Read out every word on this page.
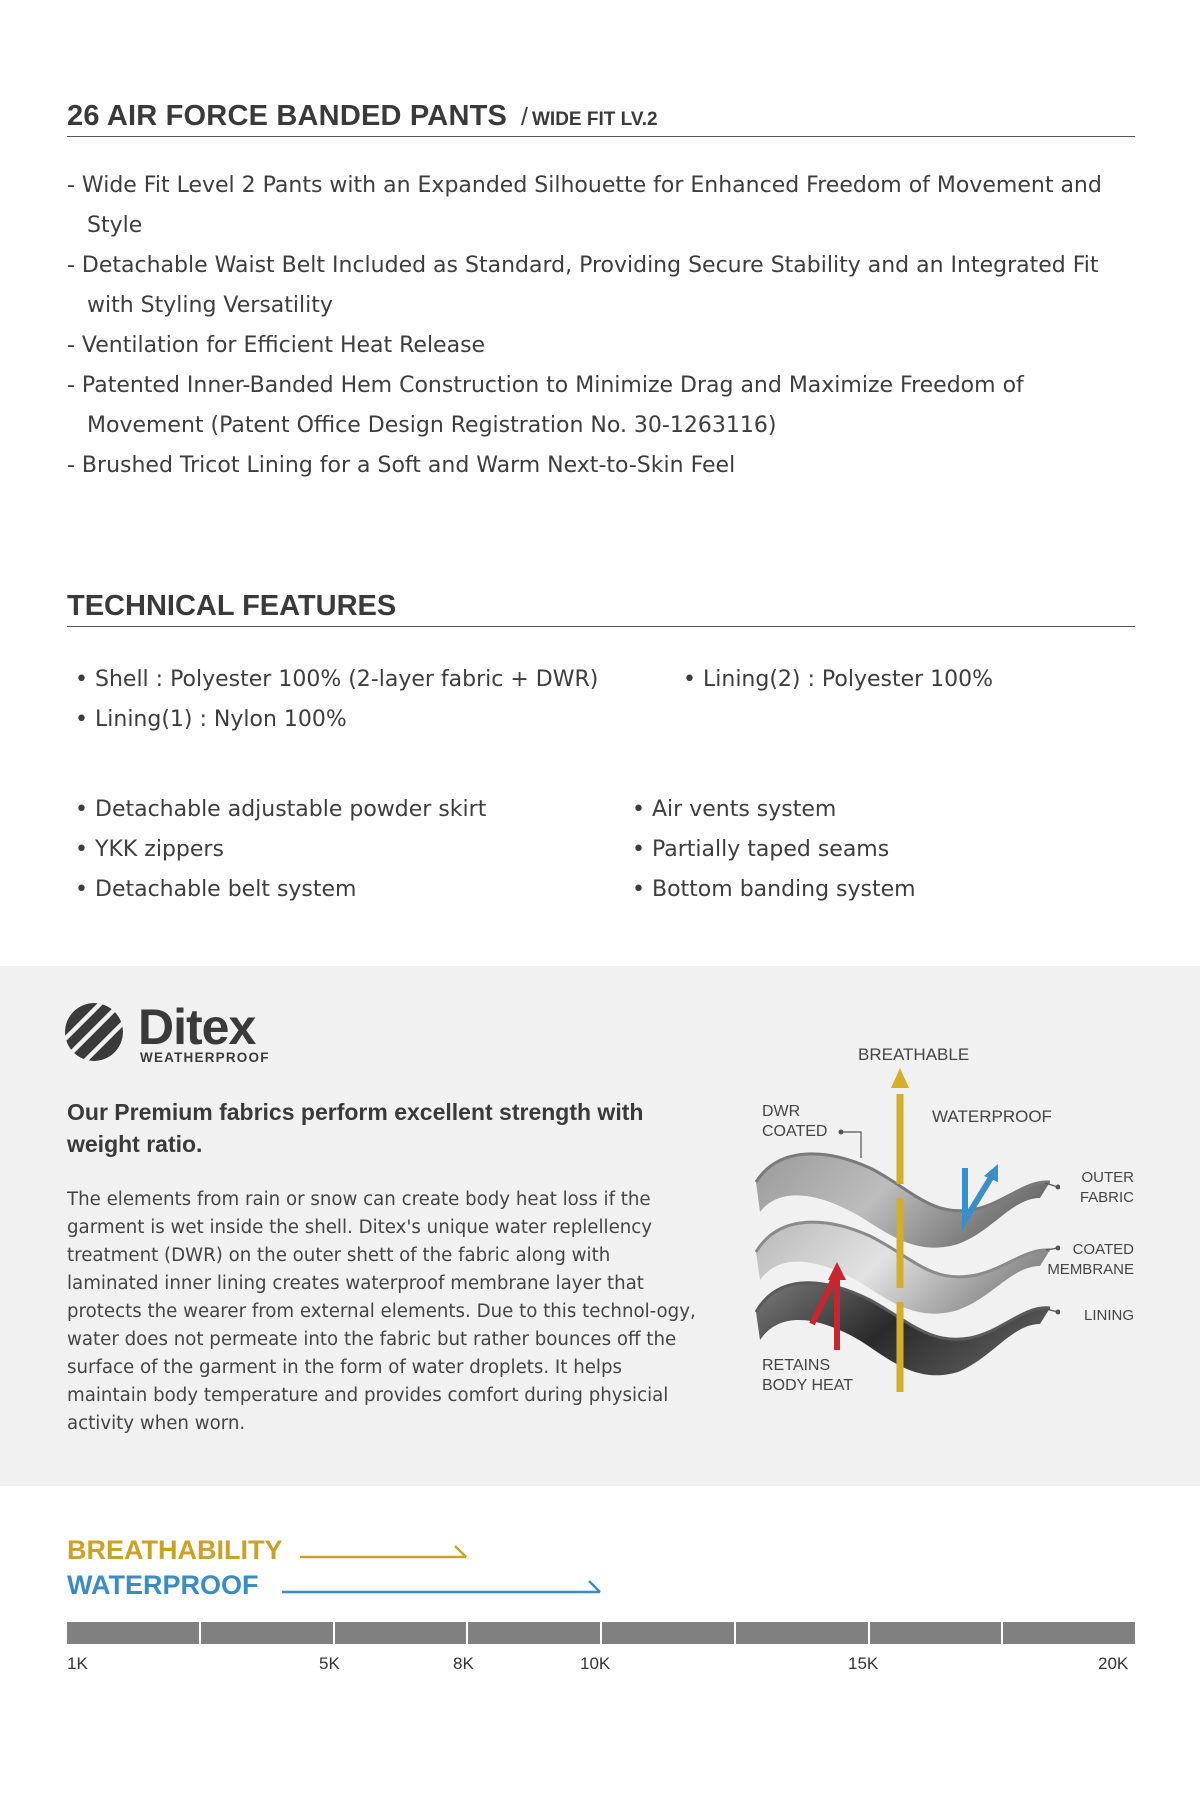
26 AIR FORCE BANDED PANTS / WIDE FIT LV.2
- Wide Fit Level 2 Pants with an Expanded Silhouette for Enhanced Freedom of Movement and Style
- Detachable Waist Belt Included as Standard, Providing Secure Stability and an Integrated Fit with Styling Versatility
- Ventilation for Efficient Heat Release
- Patented Inner-Banded Hem Construction to Minimize Drag and Maximize Freedom of Movement (Patent Office Design Registration No. 30-1263116)
- Brushed Tricot Lining for a Soft and Warm Next-to-Skin Feel
TECHNICAL FEATURES
• Shell : Polyester 100% (2-layer fabric + DWR)	• Lining(2) : Polyester 100%
• Lining(1) : Nylon 100%
• Detachable adjustable powder skirt
• YKK zippers
• Detachable belt system
• Air vents system
• Partially taped seams
• Bottom banding system
Ditex
WEATHERPROOF
Our Premium fabrics perform excellent strength with weight ratio.
The elements from rain or snow can create body heat loss if the garment is wet inside the shell. Ditex's unique water replellency treatment (DWR) on the outer shett of the fabric along with laminated inner lining creates waterproof membrane layer that protects the wearer from external elements. Due to this technol-ogy, water does not permeate into the fabric but rather bounces off the surface of the garment in the form of water droplets. It helps maintain body temperature and provides comfort during physicial activity when worn.
BREATHABLE
DWR
COATED
WATERPROOF
OUTER
FABRIC
COATED
MEMBRANE
LINING
RETAINS
BODY HEAT
BREATHABILITY
WATERPROOF
1K	5K	8K	10K	15K	20K
